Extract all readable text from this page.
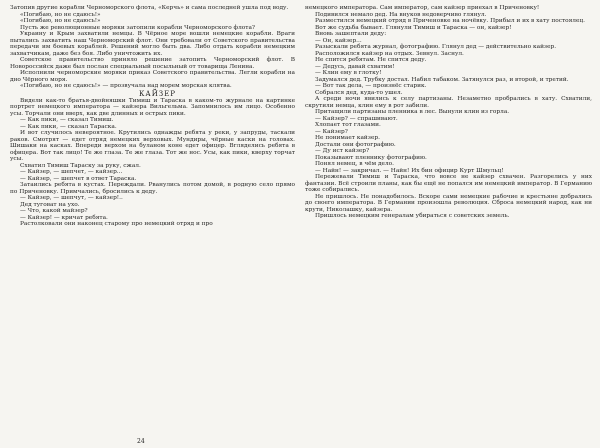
Затопив другие корабли Черноморского флота, «Керчь» и сама последней ушла под воду.

«Погибаю, но не сдаюсь!»

«Погибаю, но не сдаюсь!»

Пусть же революционные моряки затопили корабли Черноморского флота?

Украину и Крым захватили немцы. В Чёрное море вошли немецкие корабли. Враги пытались захватить наш Черноморский флот. Они требовали от Советского правительства передачи им боевых кораблей. Решений могло быть два. Либо отдать корабли немецким захватчикам, даже без боя. Либо уничтожить их.

Советское правительство приняло решение затопить Черноморский флот. В Новороссийск даже был послан специальный посыльный от товарища Ленина.

Исполнили черноморские моряки приказ Советского правительства. Легли корабли на дно Чёрного моря.

«Погибаю, но не сдаюсь!» — прозвучала над морем морская клятва.

КАЙЗЕР

Видели как-то братья-двойняшки Тимиш и Тараска в каком-то журнале на картинке портрет немецкого императора — кайзера Вильгельма. Запомнилось им лицо. Особенно усы. Торчали они вверх, как две длинных и острых пики.

— Как пики, — сказал Тимиш.

— Как пики, — сказал Тараска.

И вот случилось невероятное. Крутились однажды ребята у реки, у запруды, таскали раков. Смотрят — едет отряд немецких верховых. Мундиры, чёрные каски на головах. Шишаки на касках. Впереди верхом на буланом коне едет офицер. Вгляделись ребята в офицера. Вот так лицо! Те же глаза. Те же глаза. Тот же нос. Усы, как пики, кверху торчат усы.

Схватил Тимиш Тараску за руку, сжал.

— Кайзер, — шепчет, — кайзер...

— Кайзер, — шепчет в ответ Тараска.

Затаились ребята в кустах. Переждали. Рванулись потом домой, в родную село прямо по Приченовку. Примчались, бросились к деду.

— Кайзер, — шепчут, — кайзер!..

Дед туговат на ухо.

— Что, какой майзер?

— Кайзер! — кричат ребята.

Растолковали они наконец старому про немецкий отряд и про

немецкого императора. Сам император, сам кайзер приехал в Приченовку!

Подивился немало дед. На внуков недоверчиво глянул.

Разместился немецкий отряд в Приченовке на ночёвку. Прибыл и их в хату постоялец.

Вот же судьба бывает. Глянули Тимиш и Тараска — он, кайзер!

Вновь зашептали деду:

— Он, кайзер...

Разыскали ребята журнал, фотографию. Глянул дед — действительно кайзер.

Расположился кайзер на отдых. Зевнул. Заснул.

Не спится ребятам. Не спится деду.

— Дедусь, давай схватим!

— Клин ему в глотку!

Задумался дед. Трубку достал. Набил табаком. Затянулся раз, и второй, и третий.

— Вот так дела, — произнёс старик.

Собрался дед, куда-то ушел.

А среди ночи явились к селу партизаны. Незаметно пробрались в хату. Схватили, скрутили немца, клин ему в рот забили.

Притащили партизаны пленника в лес. Вынули клин из горла.

— Кайзер? — спрашивают.

Хлопает тот глазами.

— Кайзер?

Не понимает кайзер.

Достали они фотографию.

— Ду ист кайзер?

Показывают пленнику фотографию.

Понял немец, в чём дело.

— Найн! — закричал. — Найн! Их бин официр Курт Шмульц!

Пережевали Тимиш и Тараска, что вовсе не кайзер схвачен. Разгорелись у них фантазии. Всё строили планы, как бы ещё не попался им немецкий император. В Германию тоже собирались.

Не пришлось. Не понадобилось. Вскоре сами немецкие рабочие и крестьяне добрались до своего императора. В Германии произошла революция. Сброса немецкий народ, как ни крути, Николашку, кайзера.

Пришлось немецким генералам убираться с советских земель.

24
